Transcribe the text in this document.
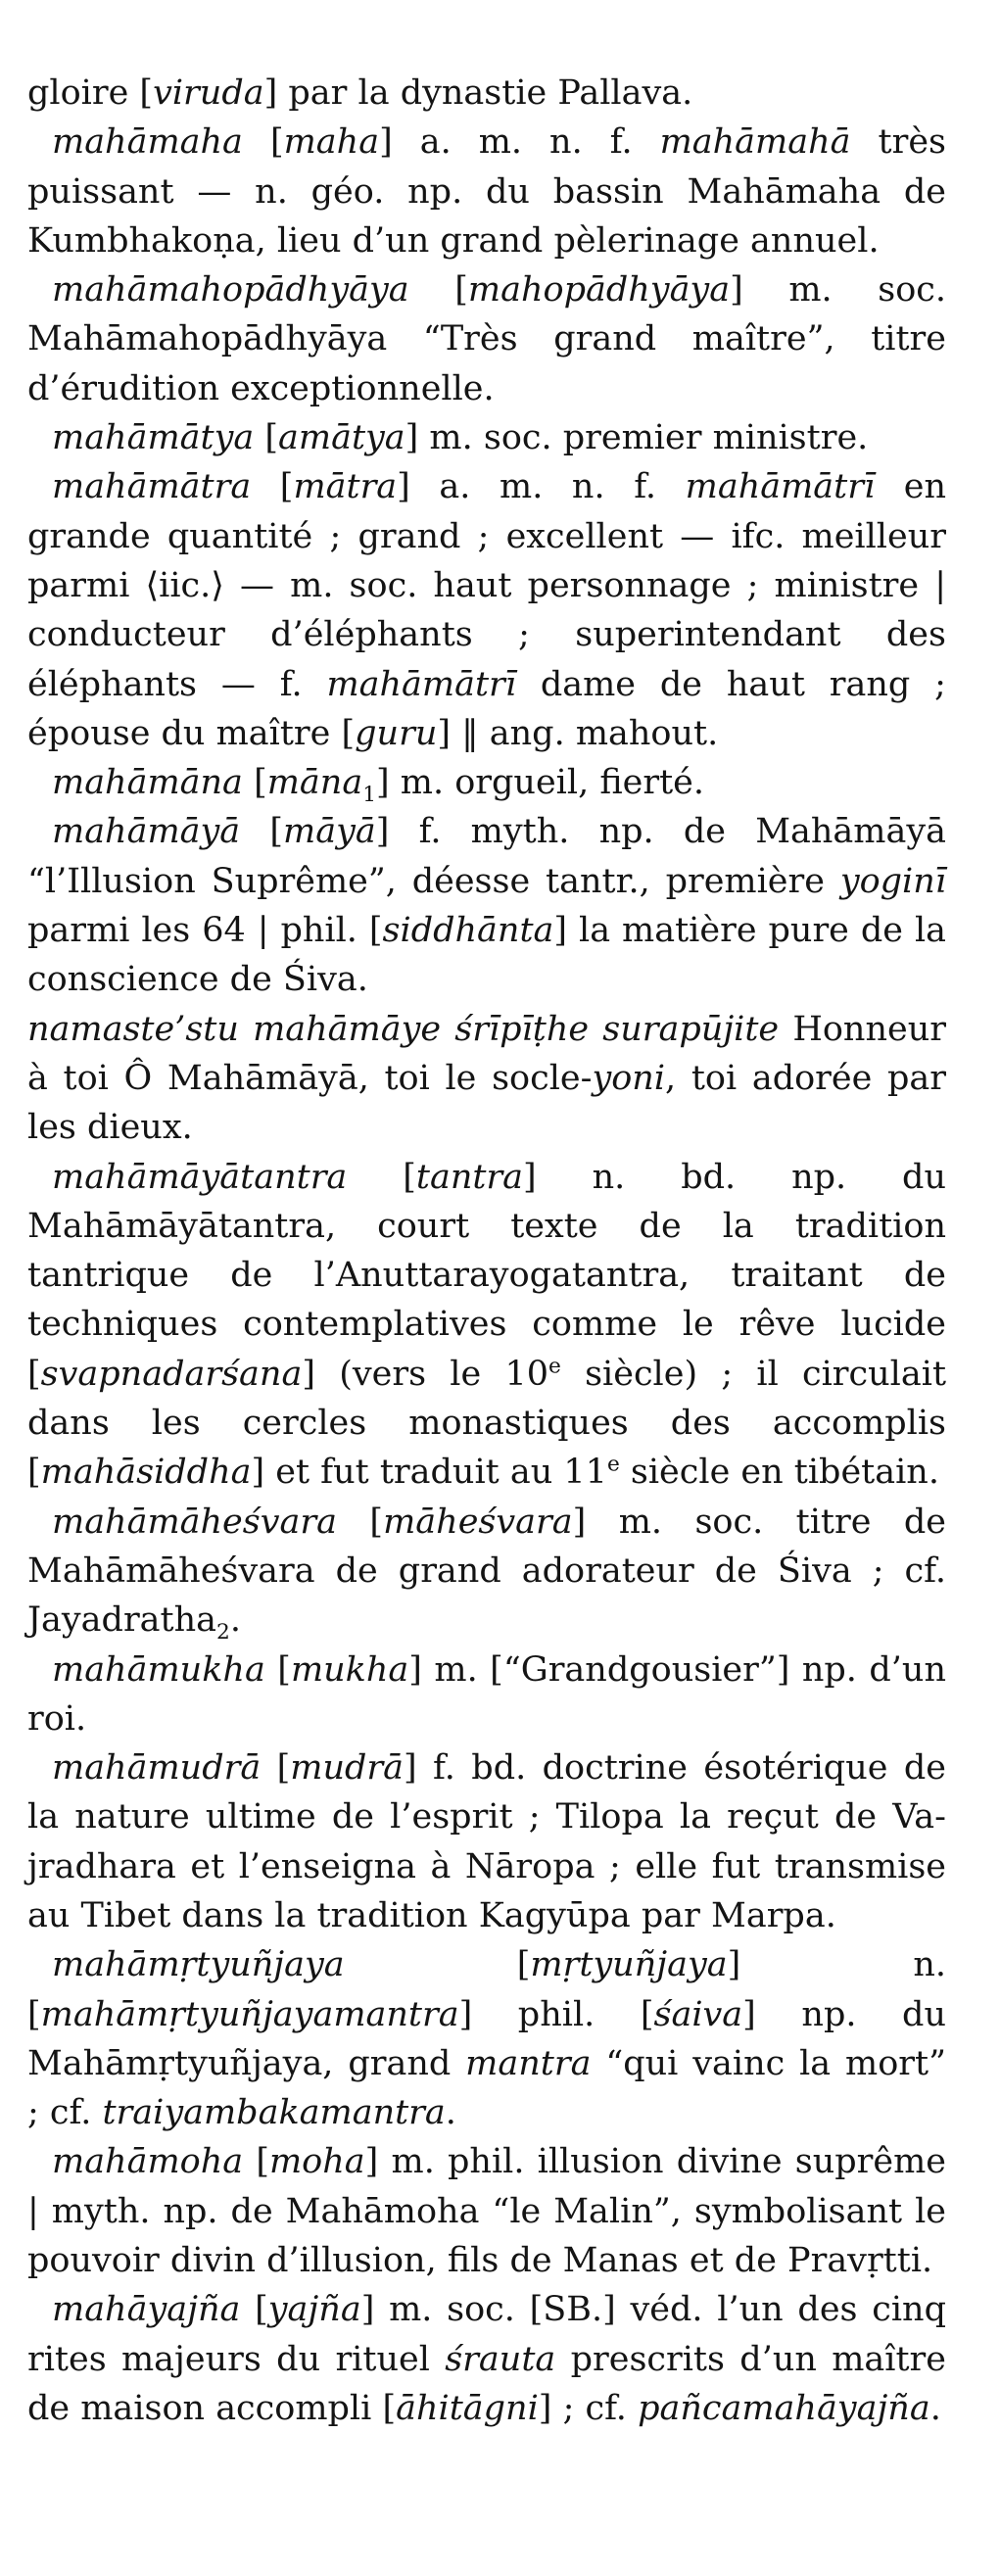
gloire [viruda] par la dynastie Pallava.

mahāmaha [maha] a. m. n. f. mahāmahā très puissant — n. géo. np. du bassin Mahāmaha de Kumbhakoṇa, lieu d’un grand pèlerinage annuel.

mahāmahopādhyāya [mahopādhyāya] m. soc. Mahāmahopādhyāya “Très grand maître”, titre d’érudition exceptionnelle.

mahāmātya [amātya] m. soc. premier ministre.

mahāmātra [mātra] a. m. n. f. mahāmātrī en grande quantité ; grand ; excellent — ifc. meilleur parmi ⟨iic.⟩ — m. soc. haut personnage ; ministre | conducteur d’éléphants ; superintendant des éléphants — f. mahāmātrī dame de haut rang ; épouse du maître [guru] ‖ ang. mahout.

mahāmāna [māna$_1$] m. orgueil, fierté.

mahāmāyā [māyā] f. myth. np. de Mahāmāyā “l’Illusion Suprême”, déesse tantr., première yoginī parmi les 64 | phil. [siddhānta] la matière pure de la conscience de Śiva.

namaste’stu mahāmāye śrīpīṭhe surapūjite Honneur à toi Ô Mahāmāyā, toi le socle-yoni, toi adorée par les dieux.

mahāmāyātantra [tantra] n. bd. np. du Mahāmāyātantra, court texte de la tradition tantrique de l’Anuttarayogatantra, traitant de techniques contemplatives comme le rêve lucide [svapnadarśana] (vers le 10e siècle) ; il circulait dans les cercles monastiques des accomplis [mahāsiddha] et fut traduit au 11e siècle en tibétain.

mahāmāheśvara [māheśvara] m. soc. titre de Mahāmāheśvara de grand adorateur de Śiva ; cf. Jayadratha$_2$.

mahāmukha [mukha] m. [“Grandgousier”] np. d’un roi.

mahāmudrā [mudrā] f. bd. doctrine ésotérique de la nature ultime de l’esprit ; Tilopa la reçut de Vajradhara et l’enseigna à Nāropa ; elle fut transmise au Tibet dans la tradition Kagyūpa par Marpa.

mahāmṛtyuñjaya [mṛtyuñjaya] n. [mahāmṛtyuñjayamantra] phil. [śaiva] np. du Mahāmṛtyuñjaya, grand mantra “qui vainc la mort” ; cf. traiyambakamantra.

mahāmoha [moha] m. phil. illusion divine suprême | myth. np. de Mahāmoha “le Malin”, symbolisant le pouvoir divin d’illusion, fils de Manas et de Pravṛtti.

mahāyajña [yajña] m. soc. [SB.] véd. l’un des cinq rites majeurs du rituel śrauta prescrits d’un maître de maison accompli [āhitāgni] ; cf. pañcamahāyajña.
